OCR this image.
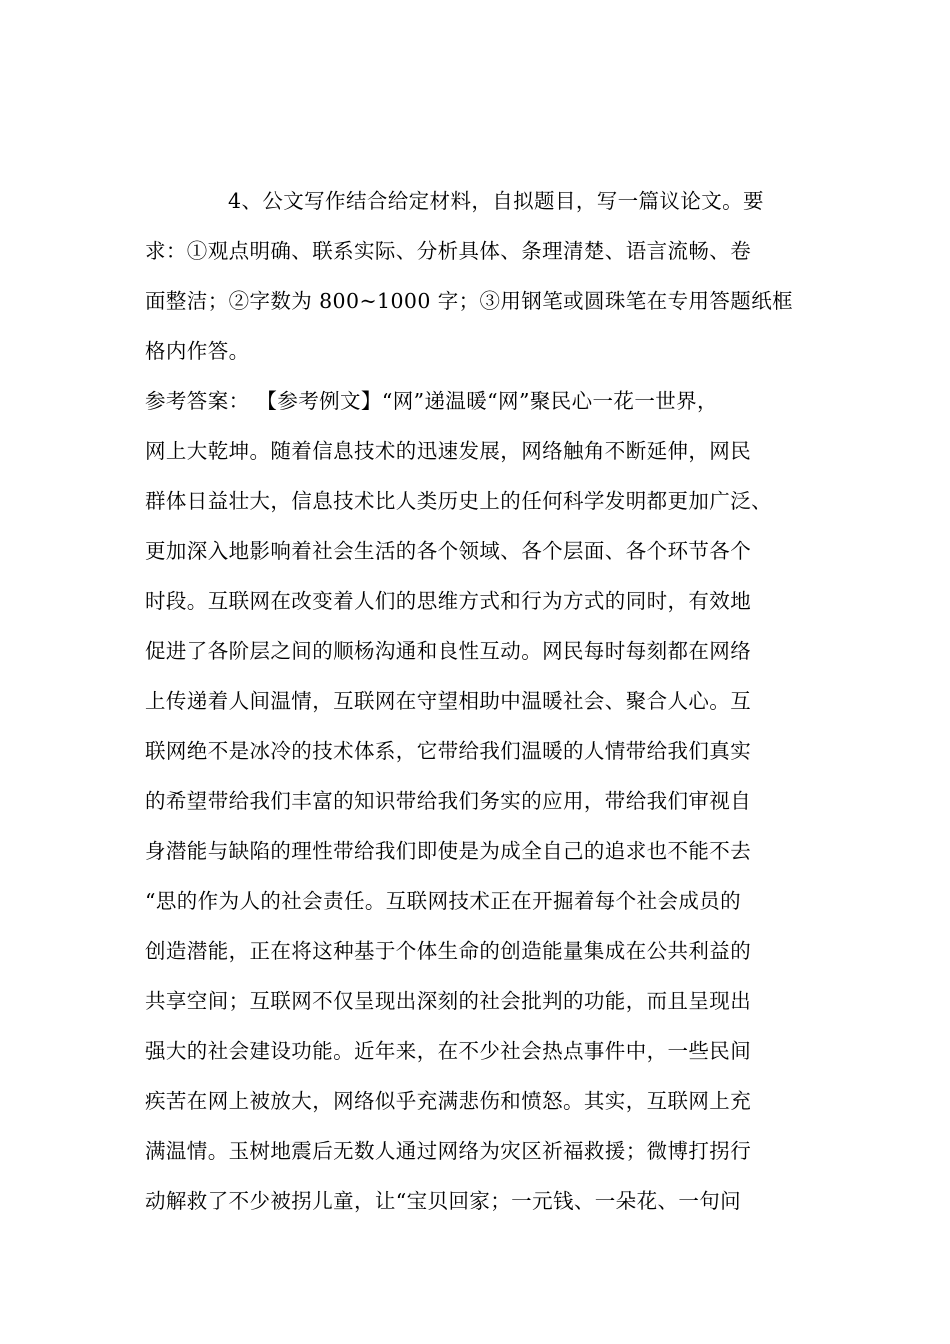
4、公文写作结合给定材料，自拟题目，写一篇议论文。要
求：①观点明确、联系实际、分析具体、条理清楚、语言流畅、卷
面整洁；②字数为 800~1000 字；③用钢笔或圆珠笔在专用答题纸框
格内作答。
参考答案： 【参考例文】“网”递温暖“网”聚民心一花一世界，
网上大乾坤。随着信息技术的迅速发展，网络触角不断延伸，网民
群体日益壮大，信息技术比人类历史上的任何科学发明都更加广泛、
更加深入地影响着社会生活的各个领域、各个层面、各个环节各个
时段。互联网在改变着人们的思维方式和行为方式的同时，有效地
促进了各阶层之间的顺杨沟通和良性互动。网民每时每刻都在网络
上传递着人间温情，互联网在守望相助中温暖社会、聚合人心。互
联网绝不是冰冷的技术体系，它带给我们温暖的人情带给我们真实
的希望带给我们丰富的知识带给我们务实的应用，带给我们审视自
身潜能与缺陷的理性带给我们即使是为成全自己的追求也不能不去
“思的作为人的社会责任。互联网技术正在开掘着每个社会成员的
创造潜能，正在将这种基于个体生命的创造能量集成在公共利益的
共享空间；互联网不仅呈现出深刻的社会批判的功能，而且呈现出
强大的社会建设功能。近年来，在不少社会热点事件中，一些民间
疾苦在网上被放大，网络似乎充满悲伤和愤怒。其实，互联网上充
满温情。玉树地震后无数人通过网络为灾区祈福救援；微博打拐行
动解救了不少被拐儿童，让“宝贝回家；一元钱、一朵花、一句问
